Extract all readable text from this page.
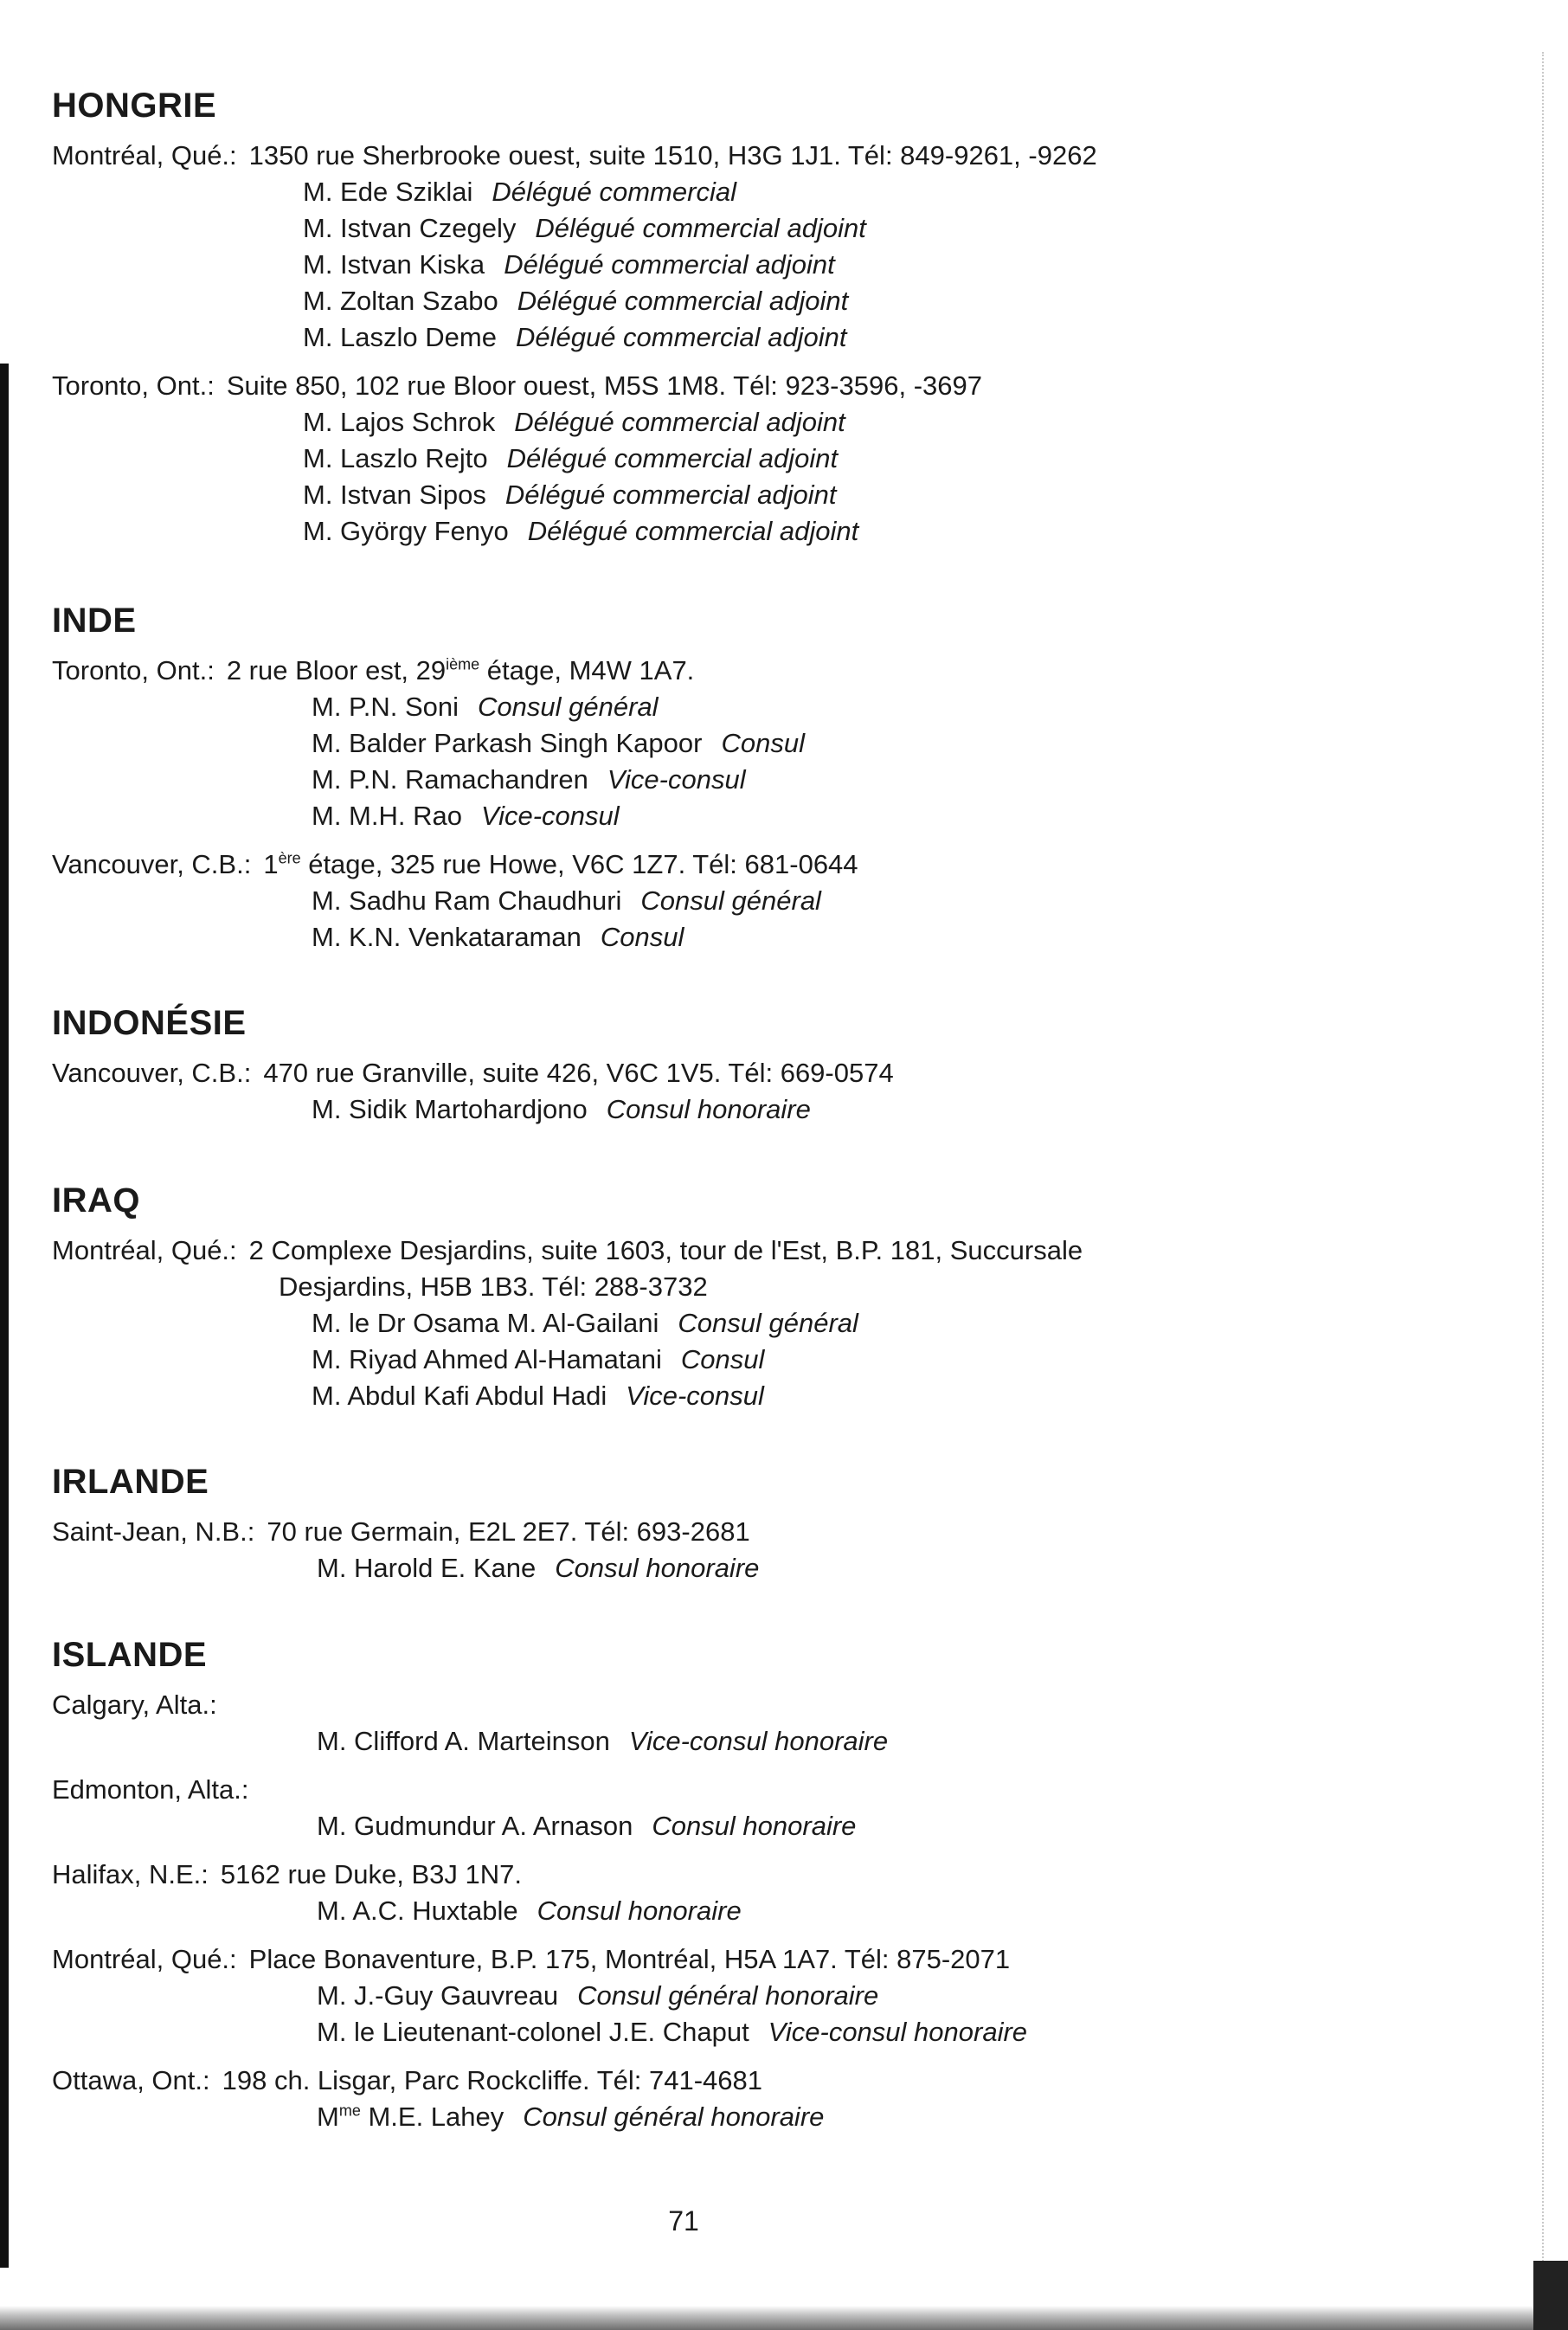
HONGRIE
Montréal, Qué.: 1350 rue Sherbrooke ouest, suite 1510, H3G 1J1. Tél: 849-9261, -9262
M. Ede Sziklai Délégué commercial
M. Istvan Czegely Délégué commercial adjoint
M. Istvan Kiska Délégué commercial adjoint
M. Zoltan Szabo Délégué commercial adjoint
M. Laszlo Deme Délégué commercial adjoint
Toronto, Ont.: Suite 850, 102 rue Bloor ouest, M5S 1M8. Tél: 923-3596, -3697
M. Lajos Schrok Délégué commercial adjoint
M. Laszlo Rejto Délégué commercial adjoint
M. Istvan Sipos Délégué commercial adjoint
M. György Fenyo Délégué commercial adjoint
INDE
Toronto, Ont.: 2 rue Bloor est, 29ième étage, M4W 1A7.
M. P.N. Soni Consul général
M. Balder Parkash Singh Kapoor Consul
M. P.N. Ramachandren Vice-consul
M. M.H. Rao Vice-consul
Vancouver, C.B.: 1ère étage, 325 rue Howe, V6C 1Z7. Tél: 681-0644
M. Sadhu Ram Chaudhuri Consul général
M. K.N. Venkataraman Consul
INDONÉSIE
Vancouver, C.B.: 470 rue Granville, suite 426, V6C 1V5. Tél: 669-0574
M. Sidik Martohardjono Consul honoraire
IRAQ
Montréal, Qué.: 2 Complexe Desjardins, suite 1603, tour de l'Est, B.P. 181, Succursale
Desjardins, H5B 1B3. Tél: 288-3732
M. le Dr Osama M. Al-Gailani Consul général
M. Riyad Ahmed Al-Hamatani Consul
M. Abdul Kafi Abdul Hadi Vice-consul
IRLANDE
Saint-Jean, N.B.: 70 rue Germain, E2L 2E7. Tél: 693-2681
M. Harold E. Kane Consul honoraire
ISLANDE
Calgary, Alta.:
M. Clifford A. Marteinson Vice-consul honoraire
Edmonton, Alta.:
M. Gudmundur A. Arnason Consul honoraire
Halifax, N.E.: 5162 rue Duke, B3J 1N7.
M. A.C. Huxtable Consul honoraire
Montréal, Qué.: Place Bonaventure, B.P. 175, Montréal, H5A 1A7. Tél: 875-2071
M. J.-Guy Gauvreau Consul général honoraire
M. le Lieutenant-colonel J.E. Chaput Vice-consul honoraire
Ottawa, Ont.: 198 ch. Lisgar, Parc Rockcliffe. Tél: 741-4681
$M^{me}$ M.E. Lahey Consul général honoraire
71
